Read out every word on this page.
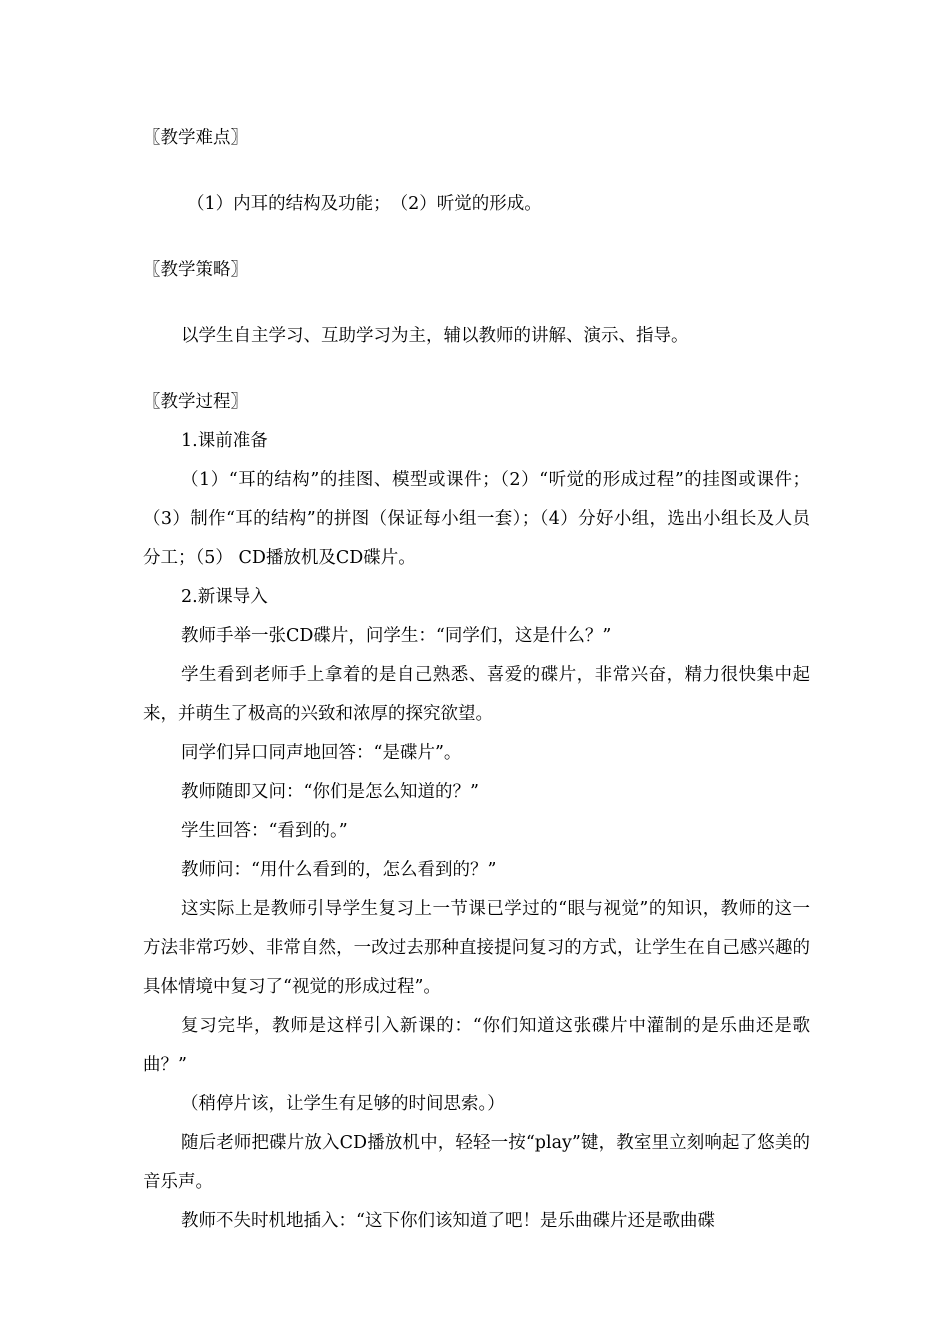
〖教学难点〗

（1）内耳的结构及功能；　（2）听觉的形成。

〖教学策略〗

以学生自主学习、互助学习为主，辅以教师的讲解、演示、指导。

〖教学过程〗

1.课前准备

（1）“耳的结构”的挂图、模型或课件；（2）“听觉的形成过程”的挂图或课件；（3）制作“耳的结构”的拼图（保证每小组一套）；（4）分好小组，选出小组长及人员分工；（5） CD播放机及CD碟片。

2.新课导入

教师手举一张CD碟片，问学生：“同学们，这是什么？”

学生看到老师手上拿着的是自己熟悉、喜爱的碟片，非常兴奋，精力很快集中起来，并萌生了极高的兴致和浓厚的探究欲望。

同学们异口同声地回答：“是碟片”。

教师随即又问：“你们是怎么知道的？”

学生回答：“看到的。”

教师问：“用什么看到的，怎么看到的？”

这实际上是教师引导学生复习上一节课已学过的“眼与视觉”的知识，教师的这一方法非常巧妙、非常自然，一改过去那种直接提问复习的方式，让学生在自己感兴趣的具体情境中复习了“视觉的形成过程”。

复习完毕，教师是这样引入新课的：“你们知道这张碟片中灌制的是乐曲还是歌曲？”

（稍停片该，让学生有足够的时间思索。）

随后老师把碟片放入CD播放机中，轻轻一按“play”键，教室里立刻响起了悠美的音乐声。

教师不失时机地插入：“这下你们该知道了吧！是乐曲碟片还是歌曲碟
